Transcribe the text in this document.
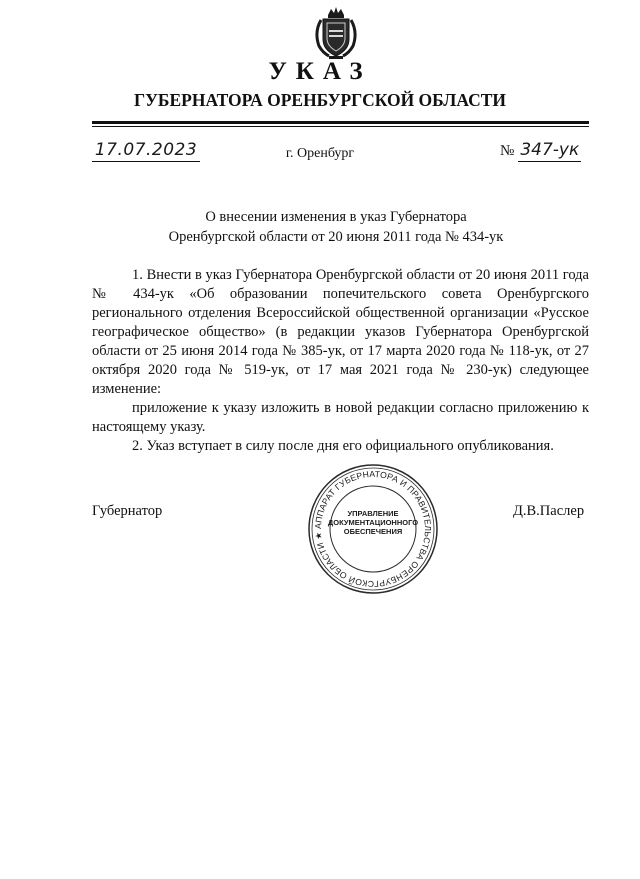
УКАЗ
ГУБЕРНАТОРА ОРЕНБУРГСКОЙ ОБЛАСТИ
17.07.2023	г. Оренбург	№ 347-ук
О внесении изменения в указ Губернатора
Оренбургской области от 20 июня 2011 года № 434-ук

1. Внести в указ Губернатора Оренбургской области от 20 июня 2011 года № 434-ук «Об образовании попечительского совета Оренбургского регионального отделения Всероссийской общественной организации «Русское географическое общество» (в редакции указов Губернатора Оренбургской области от 25 июня 2014 года № 385-ук, от 17 марта 2020 года № 118-ук, от 27 октября 2020 года № 519-ук, от 17 мая 2021 года № 230-ук) следующее изменение:

приложение к указу изложить в новой редакции согласно приложению к настоящему указу.

2. Указ вступает в силу после дня его официального опубликования.

Губернатор	Д.В.Паслер
АППАРАТ ГУБЕРНАТОРА И ПРАВИТЕЛЬСТВА ОРЕНБУРГСКОЙ ОБЛАСТИ ★
УПРАВЛЕНИЕ
ДОКУМЕНТАЦИОННОГО
ОБЕСПЕЧЕНИЯ
